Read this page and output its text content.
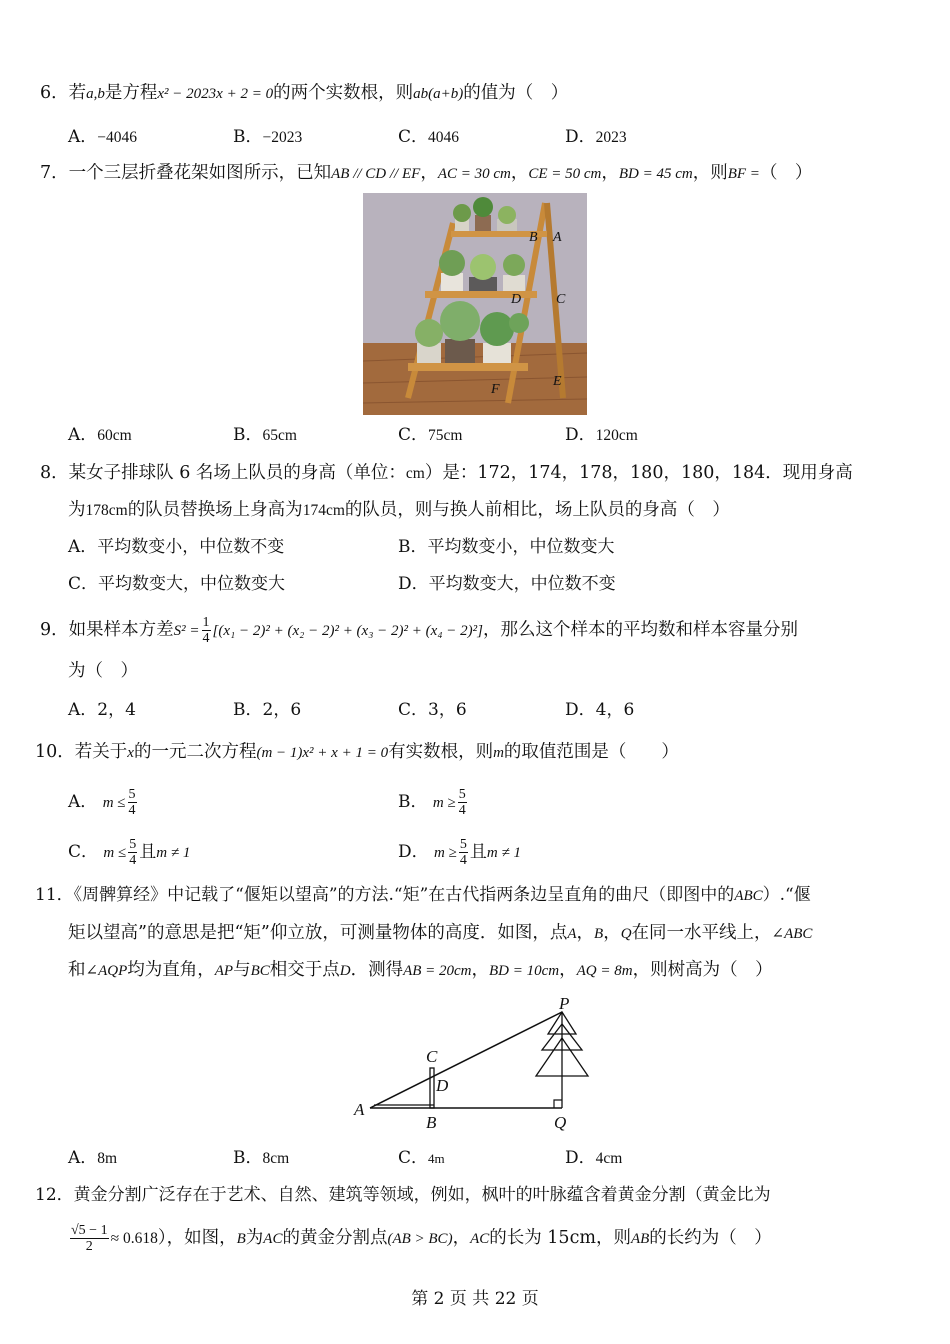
6．若a,b是方程x² − 2023x + 2 = 0的两个实数根，则ab(a+b)的值为（　）
A．−4046	B．−2023	C．4046	D．2023
7．一个三层折叠花架如图所示，已知AB // CD // EF，AC = 30 cm，CE = 50 cm，BD = 45 cm，则BF =（　）
B A
D C
E
F
A．60cm	B．65cm	C．75cm	D．120cm
8．某女子排球队 6 名场上队员的身高（单位：cm）是：172，174，178，180，180，184．现用身高
为178cm的队员替换场上身高为174cm的队员，则与换人前相比，场上队员的身高（　）
A．平均数变小，中位数不变	B．平均数变小，中位数变大
C．平均数变大，中位数变大	D．平均数变大，中位数不变
9．如果样本方差$S^2 = \frac{1}{4} [(x_1 - 2)^2 + (x_2 - 2)^2 + (x_3 - 2)^2 + (x_4 - 2)^2]$，那么这个样本的平均数和样本容量分别
为（　）
A．2，4	B．2，6	C．3，6	D．4，6
10．若关于x的一元二次方程(m − 1)x² + x + 1 = 0有实数根，则m的取值范围是（　　）
A． $m \le \frac{5}{4}$	B． $m \ge \frac{5}{4}$
C． $m \le \frac{5}{4}$ 且m ≠ 1	D． $m \ge \frac{5}{4}$ 且m ≠ 1
11．《周髀算经》中记载了“偃矩以望高”的方法.“矩”在古代指两条边呈直角的曲尺（即图中的ABC）.“偃
矩以望高”的意思是把“矩”仰立放，可测量物体的高度．如图，点A，B，Q在同一水平线上，∠ABC
和∠AQP均为直角，AP与BC相交于点D．测得AB = 20cm，BD = 10cm，AQ = 8m，则树高为（　）
A
B
C
D
P
Q
A．8m	B．8cm	C．4m	D．4cm
12．黄金分割广泛存在于艺术、自然、建筑等领域，例如，枫叶的叶脉蕴含着黄金分割（黄金比为
$\frac{√5 - 1}{2} \approx 0.618$），如图，B为AC的黄金分割点(AB > BC)，AC的长为 15cm，则AB的长约为（　）
第 2 页 共 22 页
